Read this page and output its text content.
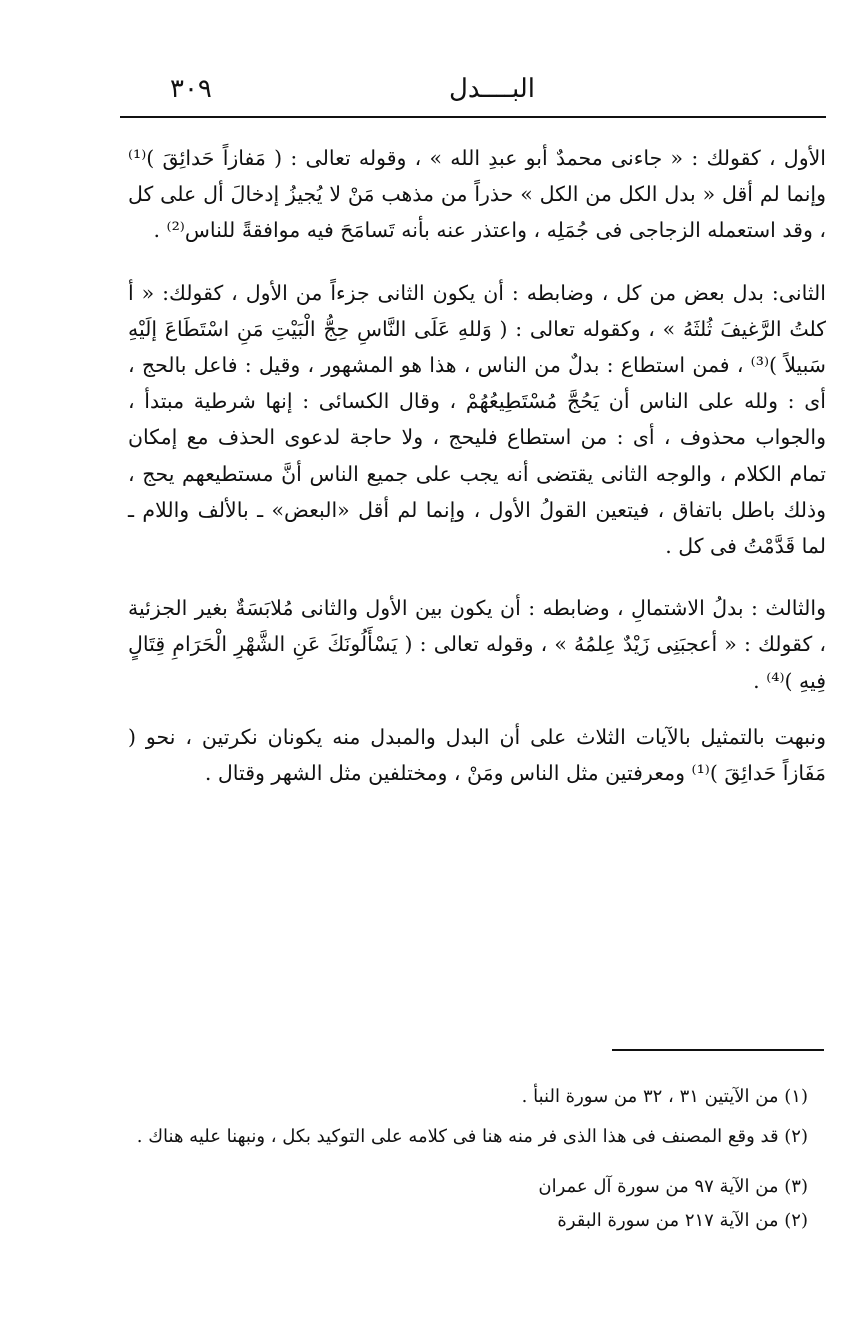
البــــدل
٣٠٩

الأول ، كقولك : « جاءنى محمدٌ أبو عبدِ الله » ، وقوله تعالى : ( مَفازاً حَدائِقَ )⁽¹⁾ وإنما لم أقل « بدل الكل من الكل » حذراً من مذهب مَنْ لا يُجيزُ إدخالَ أل على كل ، وقد استعمله الزجاجى فى جُمَلِه ، واعتذر عنه بأنه تَسامَحَ فيه موافقةً للناس⁽²⁾ .

الثانى: بدل بعض من كل ، وضابطه : أن يكون الثانى جزءاً من الأول ، كقولك: « أ كلتُ الرَّغيفَ ثُلثَهُ » ، وكقوله تعالى : ( وَللهِ عَلَى النَّاسِ حِجُّ الْبَيْتِ مَنِ اسْتَطَاعَ إلَيْهِ سَبيلاً )⁽³⁾ ، فمن استطاع : بدلٌ من الناس ، هذا هو المشهور ، وقيل : فاعل بالحج ، أى : ولله على الناس أن يَحُجَّ مُسْتَطِيعُهُمْ ، وقال الكسائى : إنها شرطية مبتدأ ، والجواب محذوف ، أى : من استطاع فليحج ، ولا حاجة لدعوى الحذف مع إمكان تمام الكلام ، والوجه الثانى يقتضى أنه يجب على جميع الناس أنَّ مستطيعهم يحج ، وذلك باطل باتفاق ، فيتعين القولُ الأول ، وإنما لم أقل «البعض» ـ بالألف واللام ـ لما قَدَّمْتُ فى كل .

والثالث : بدلُ الاشتمالِ ، وضابطه : أن يكون بين الأول والثانى مُلابَسَةٌ بغير الجزئية ، كقولك : « أعجبَنِى زَيْدٌ عِلمُهُ » ، وقوله تعالى : ( يَسْأَلُونَكَ عَنِ الشَّهْرِ الْحَرَامِ قِتَالٍ فِيهِ )⁽⁴⁾ .

ونبهت بالتمثيل بالآيات الثلاث على أن البدل والمبدل منه يكونان نكرتين ، نحو ( مَفَازاً حَدائِقَ )⁽¹⁾ ومعرفتين مثل الناس ومَنْ ، ومختلفين مثل الشهر وقتال .

(١) من الآيتين ٣١ ، ٣٢ من سورة النبأ .

(٢) قد وقع المصنف فى هذا الذى فر منه هنا فى كلامه على التوكيد بكل ، ونبهنا عليه هناك .

(٣) من الآية ٩٧ من سورة آل عمران

(٢) من الآية ٢١٧ من سورة البقرة
